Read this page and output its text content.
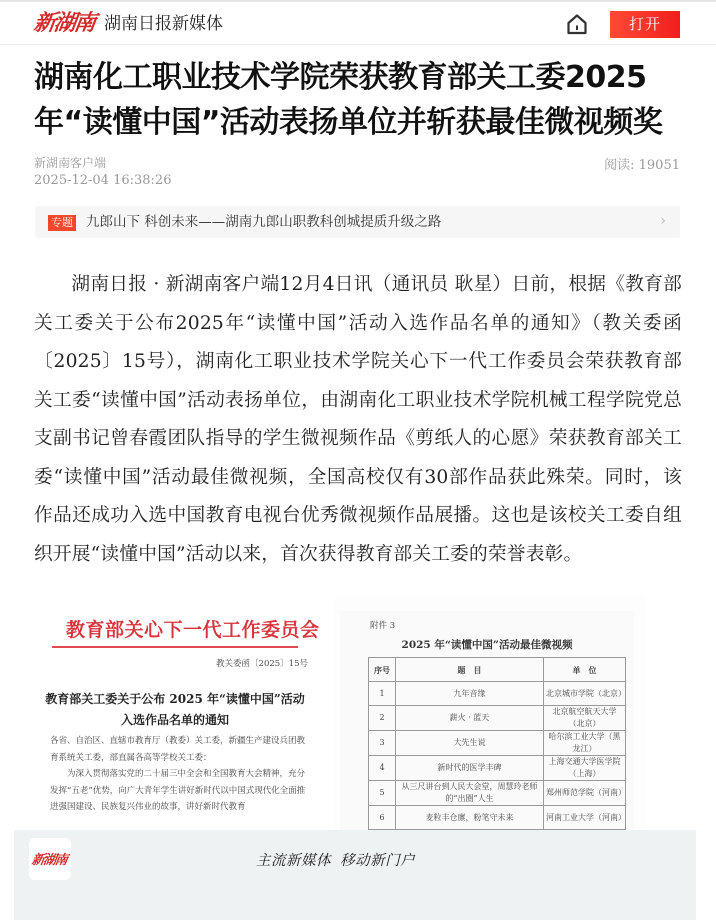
新湖南 湖南日报新媒体	打开
湖南化工职业技术学院荣获教育部关工委2025年“读懂中国”活动表扬单位并斩获最佳微视频奖
新湖南客户端
2025-12-04 16:38:26
阅读: 19051
专题 九郎山下 科创未来——湖南九郎山职教科创城提质升级之路	›

湖南日报 · 新湖南客户端12月4日讯（通讯员 耿星）日前，根据《教育部关工委关于公布2025年“读懂中国”活动入选作品名单的通知》（教关委函〔2025〕15号），湖南化工职业技术学院关心下一代工作委员会荣获教育部关工委“读懂中国”活动表扬单位，由湖南化工职业技术学院机械工程学院党总支副书记曾春霞团队指导的学生微视频作品《剪纸人的心愿》荣获教育部关工委“读懂中国”活动最佳微视频，全国高校仅有30部作品获此殊荣。同时，该作品还成功入选中国教育电视台优秀微视频作品展播。这也是该校关工委自组织开展“读懂中国”活动以来，首次获得教育部关工委的荣誉表彰。

教育部关心下一代工作委员会
教关委函〔2025〕15号
教育部关工委关于公布 2025 年“读懂中国”活动
入选作品名单的通知

各省、自治区、直辖市教育厅（教委）关工委，新疆生产建设兵团教育系统关工委，部直属各高等学校关工委：

为深入贯彻落实党的二十届三中全会和全国教育大会精神，充分发挥“五老”优势，向广大青年学生讲好新时代以中国式现代化全面推进强国建设、民族复兴伟业的故事，讲好新时代教育

附件 3
2025 年“读懂中国”活动最佳微视频
序号	题　目	单　位
1	九年音缘	北京城市学院（北京）
2	薪火 · 蓝天	北京航空航天大学（北京）
3	大先生说	哈尔滨工业大学（黑龙江）
4	新时代的医学丰碑	上海交通大学医学院（上海）
5	从三尺讲台到人民大会堂，周慧玲老师的“出圈”人生	郑州师范学院（河南）
6	麦粒丰仓廪，粉笔守未来	河南工业大学（河南）
新湖南	主流新媒体 移动新门户
